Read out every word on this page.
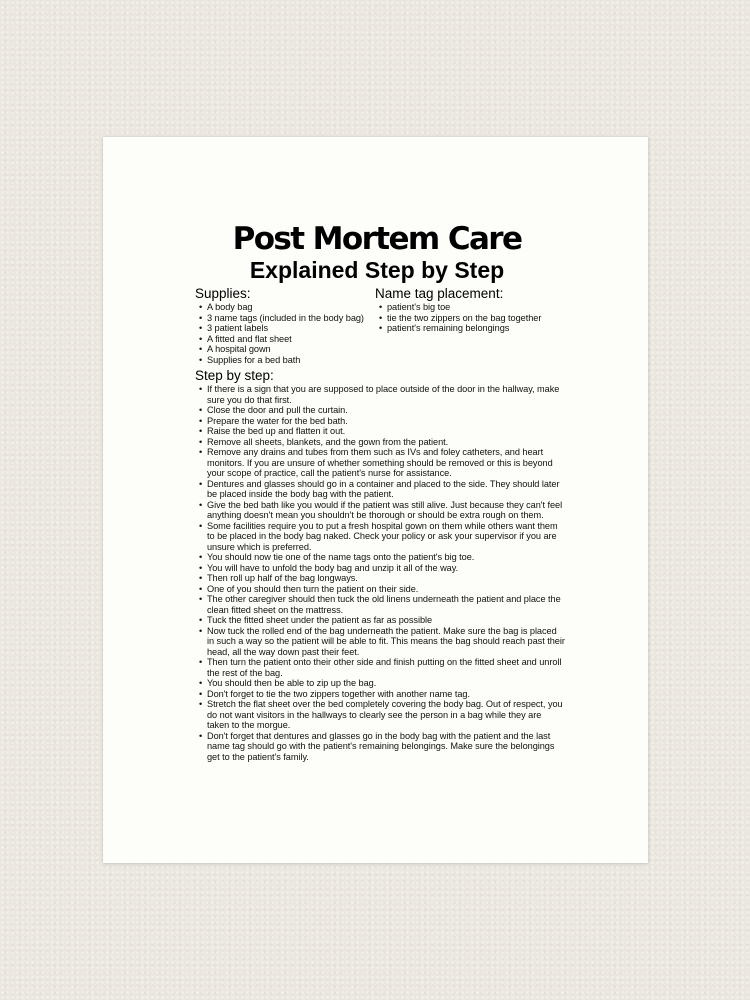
Post Mortem Care
Explained Step by Step
Supplies:
• A body bag
• 3 name tags (included in the body bag)
• 3 patient labels
• A fitted and flat sheet
• A hospital gown
• Supplies for a bed bath
Name tag placement:
• patient's big toe
• tie the two zippers on the bag together
• patient's remaining belongings
Step by step:
• If there is a sign that you are supposed to place outside of the door in the hallway, make sure you do that first.
• Close the door and pull the curtain.
• Prepare the water for the bed bath.
• Raise the bed up and flatten it out.
• Remove all sheets, blankets, and the gown from the patient.
• Remove any drains and tubes from them such as IVs and foley catheters, and heart monitors. If you are unsure of whether something should be removed or this is beyond your scope of practice, call the patient's nurse for assistance.
• Dentures and glasses should go in a container and placed to the side. They should later be placed inside the body bag with the patient.
• Give the bed bath like you would if the patient was still alive. Just because they can't feel anything doesn't mean you shouldn't be thorough or should be extra rough on them.
• Some facilities require you to put a fresh hospital gown on them while others want them to be placed in the body bag naked. Check your policy or ask your supervisor if you are unsure which is preferred.
• You should now tie one of the name tags onto the patient's big toe.
• You will have to unfold the body bag and unzip it all of the way.
• Then roll up half of the bag longways.
• One of you should then turn the patient on their side.
• The other caregiver should then tuck the old linens underneath the patient and place the clean fitted sheet on the mattress.
• Tuck the fitted sheet under the patient as far as possible
• Now tuck the rolled end of the bag underneath the patient. Make sure the bag is placed in such a way so the patient will be able to fit. This means the bag should reach past their head, all the way down past their feet.
• Then turn the patient onto their other side and finish putting on the fitted sheet and unroll the rest of the bag.
• You should then be able to zip up the bag.
• Don't forget to tie the two zippers together with another name tag.
• Stretch the flat sheet over the bed completely covering the body bag. Out of respect, you do not want visitors in the hallways to clearly see the person in a bag while they are taken to the morgue.
• Don't forget that dentures and glasses go in the body bag with the patient and the last name tag should go with the patient's remaining belongings. Make sure the belongings get to the patient's family.
